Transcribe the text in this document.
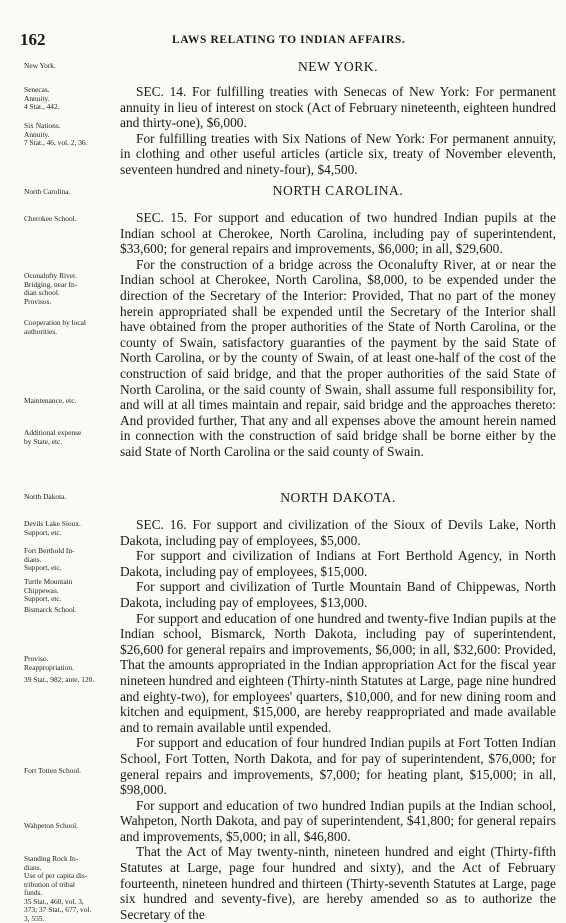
162	LAWS RELATING TO INDIAN AFFAIRS.
New York.
Senecas.
Annuity.
4 Stat., 442.
Six Nations.
Annuity.
7 Stat., 46, vol. 2, 36.
North Carolina.
Cherokee School.
Oconalufty River.
Bridging, near In-
dian school.
Provisos.
Cooperation by local
authorities.
Maintenance, etc.
Additional expense
by State, etc.
North Dakota.
Devils Lake Sioux.
Support, etc.
Fort Berthold In-
dians.
Support, etc.
Turtle Mountain
Chippewas.
Support, etc.
Bismarck School.
Proviso.
Reappropriation.
39 Stat., 982; ante, 120.
Fort Totten School.
Wahpeton School.
Standing Rock In-
dians.
Use of per capita dis-
tribution of tribal
funds.
35 Stat., 460, vol. 3,
373; 37 Stat., 677, vol.
3, 555.
NEW YORK.

SEC. 14. For fulfilling treaties with Senecas of New York: For permanent annuity in lieu of interest on stock (Act of February nineteenth, eighteen hundred and thirty-one), $6,000.

For fulfilling treaties with Six Nations of New York: For permanent annuity, in clothing and other useful articles (article six, treaty of November eleventh, seventeen hundred and ninety-four), $4,500.

NORTH CAROLINA.

SEC. 15. For support and education of two hundred Indian pupils at the Indian school at Cherokee, North Carolina, including pay of superintendent, $33,600; for general repairs and improvements, $6,000; in all, $29,600.

For the construction of a bridge across the Oconalufty River, at or near the Indian school at Cherokee, North Carolina, $8,000, to be expended under the direction of the Secretary of the Interior: Provided, That no part of the money herein appropriated shall be expended until the Secretary of the Interior shall have obtained from the proper authorities of the State of North Carolina, or the county of Swain, satisfactory guaranties of the payment by the said State of North Carolina, or by the county of Swain, of at least one-half of the cost of the construction of said bridge, and that the proper authorities of the said State of North Carolina, or the said county of Swain, shall assume full responsibility for, and will at all times maintain and repair, said bridge and the approaches thereto: And provided further, That any and all expenses above the amount herein named in connection with the construction of said bridge shall be borne either by the said State of North Carolina or the said county of Swain.

NORTH DAKOTA.

SEC. 16. For support and civilization of the Sioux of Devils Lake, North Dakota, including pay of employees, $5,000.

For support and civilization of Indians at Fort Berthold Agency, in North Dakota, including pay of employees, $15,000.

For support and civilization of Turtle Mountain Band of Chippewas, North Dakota, including pay of employees, $13,000.

For support and education of one hundred and twenty-five Indian pupils at the Indian school, Bismarck, North Dakota, including pay of superintendent, $26,600 for general repairs and improvements, $6,000; in all, $32,600: Provided, That the amounts appropriated in the Indian appropriation Act for the fiscal year nineteen hundred and eighteen (Thirty-ninth Statutes at Large, page nine hundred and eighty-two), for employees' quarters, $10,000, and for new dining room and kitchen and equipment, $15,000, are hereby reappropriated and made available and to remain available until expended.

For support and education of four hundred Indian pupils at Fort Totten Indian School, Fort Totten, North Dakota, and for pay of superintendent, $76,000; for general repairs and improvements, $7,000; for heating plant, $15,000; in all, $98,000.

For support and education of two hundred Indian pupils at the Indian school, Wahpeton, North Dakota, and pay of superintendent, $41,800; for general repairs and improvements, $5,000; in all, $46,800.

That the Act of May twenty-ninth, nineteen hundred and eight (Thirty-fifth Statutes at Large, page four hundred and sixty), and the Act of February fourteenth, nineteen hundred and thirteen (Thirty-seventh Statutes at Large, page six hundred and seventy-five), are hereby amended so as to authorize the Secretary of the
